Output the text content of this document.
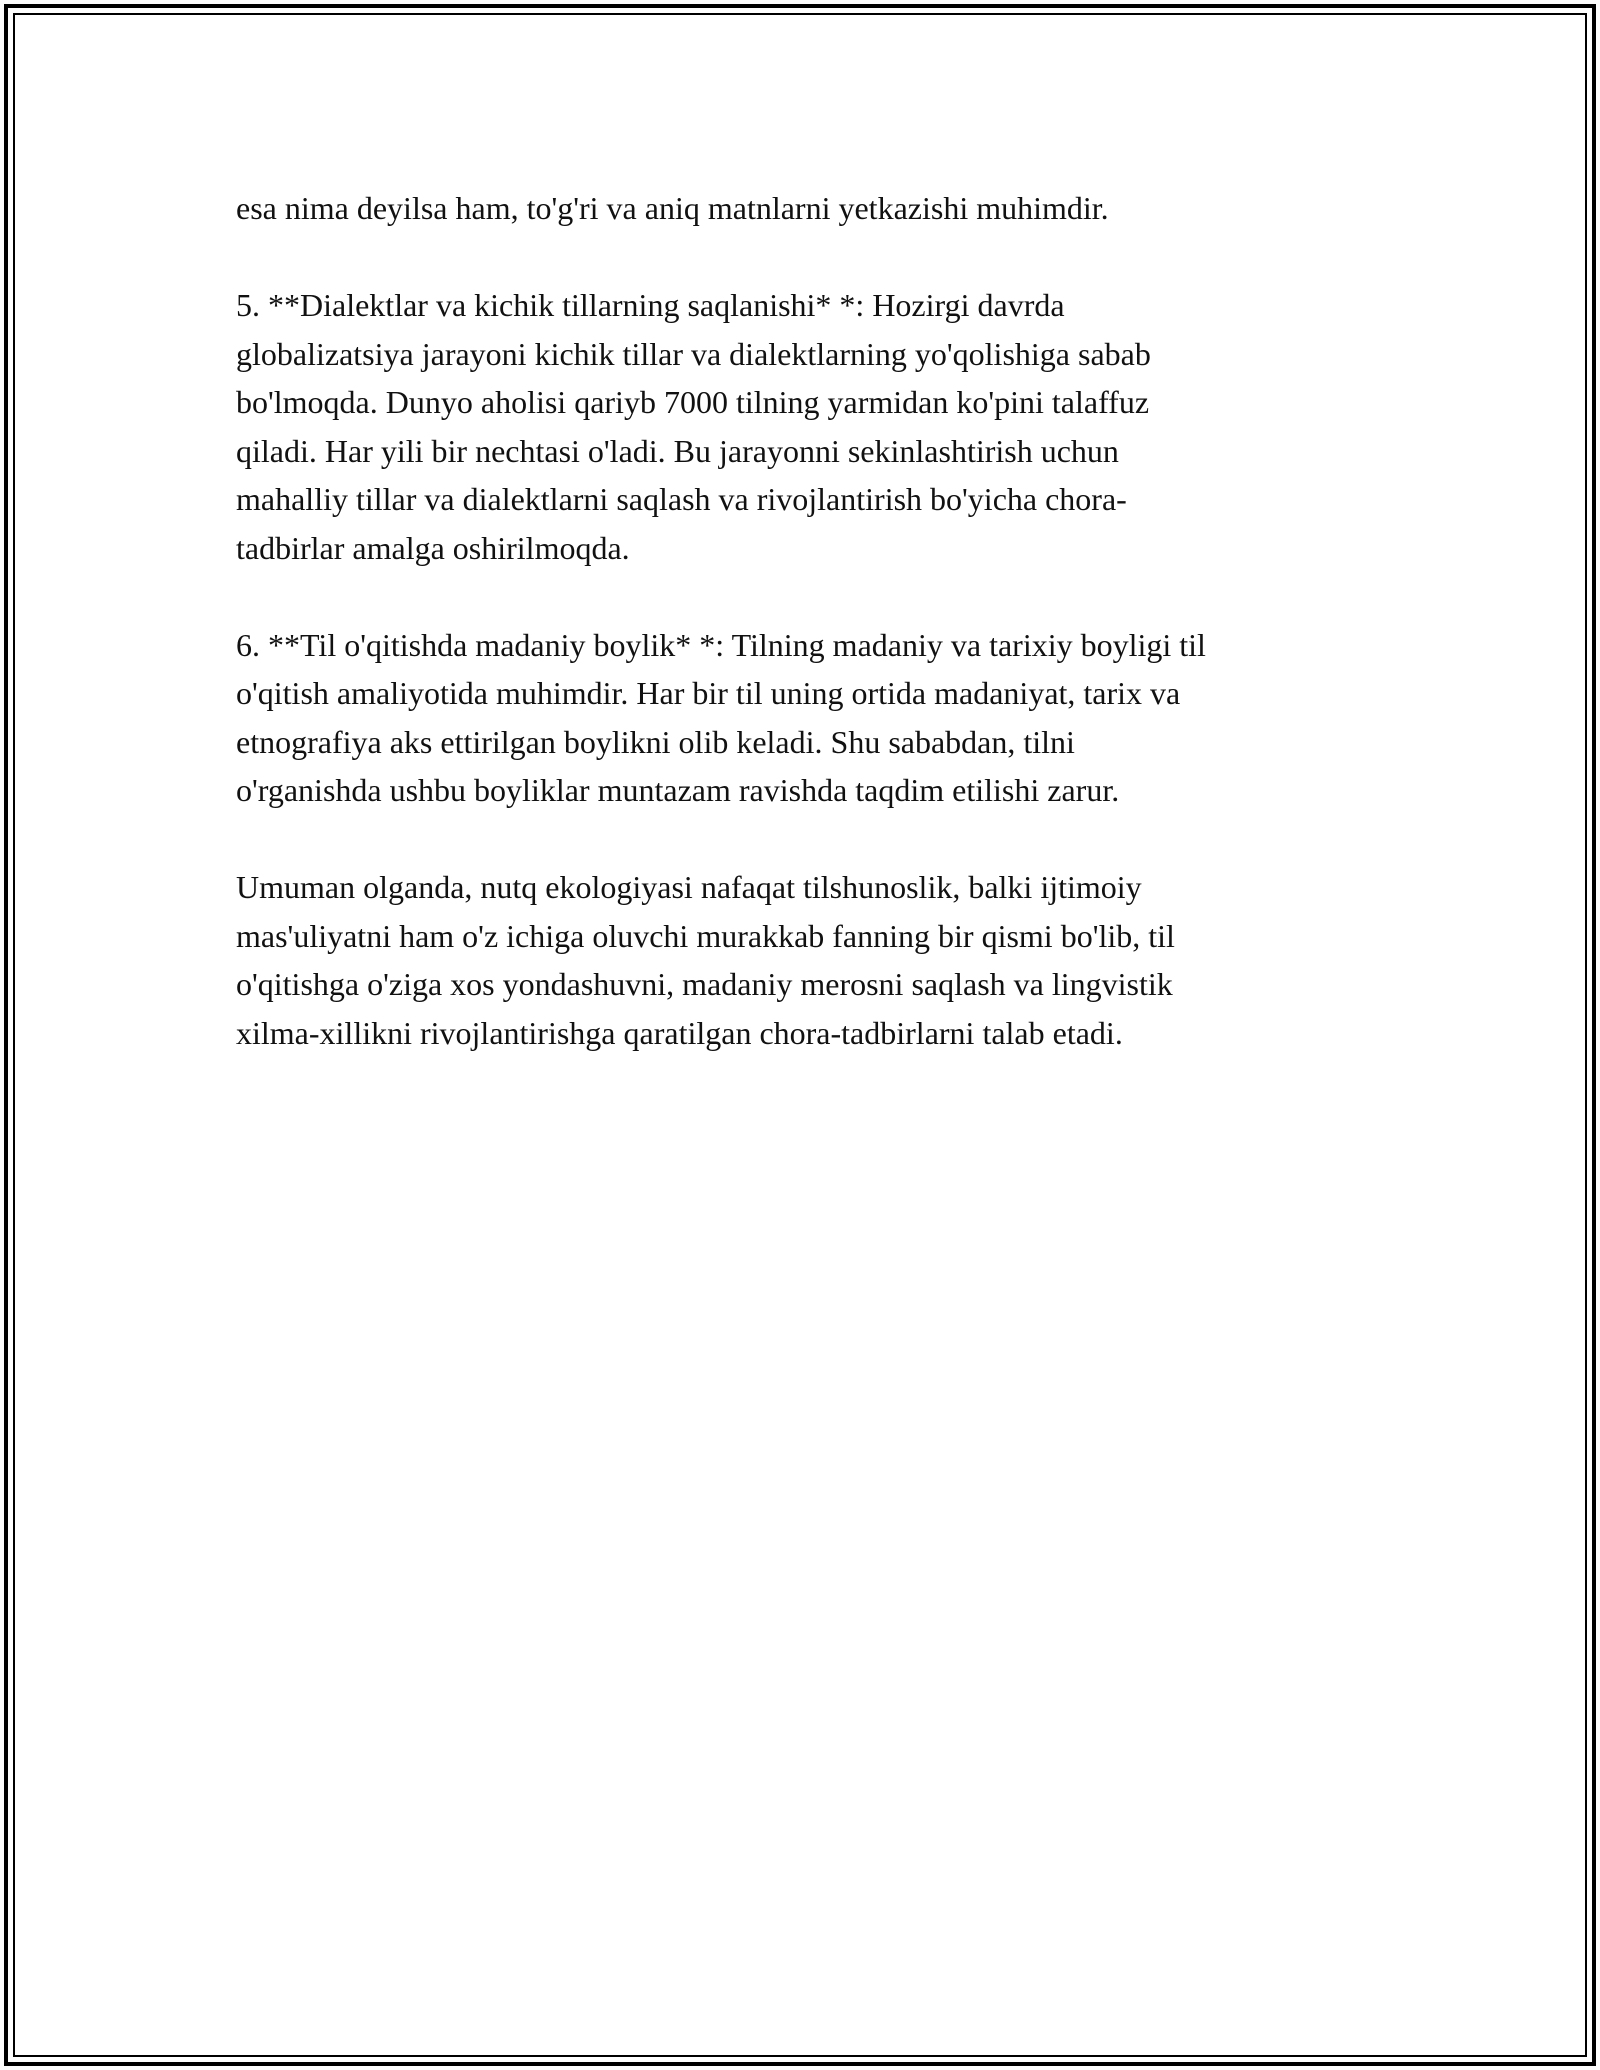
esa nima deyilsa ham, to'g'ri va aniq matnlarni yetkazishi muhimdir.

5. **Dialektlar va kichik tillarning saqlanishi* *: Hozirgi davrda
globalizatsiya jarayoni kichik tillar va dialektlarning yo'qolishiga sabab
bo'lmoqda. Dunyo aholisi qariyb 7000 tilning yarmidan ko'pini talaffuz
qiladi. Har yili bir nechtasi o'ladi. Bu jarayonni sekinlashtirish uchun
mahalliy tillar va dialektlarni saqlash va rivojlantirish bo'yicha chora-
tadbirlar amalga oshirilmoqda.

6. **Til o'qitishda madaniy boylik* *: Tilning madaniy va tarixiy boyligi til
o'qitish amaliyotida muhimdir. Har bir til uning ortida madaniyat, tarix va
etnografiya aks ettirilgan boylikni olib keladi. Shu sababdan, tilni
o'rganishda ushbu boyliklar muntazam ravishda taqdim etilishi zarur.

Umuman olganda, nutq ekologiyasi nafaqat tilshunoslik, balki ijtimoiy
mas'uliyatni ham o'z ichiga oluvchi murakkab fanning bir qismi bo'lib, til
o'qitishga o'ziga xos yondashuvni, madaniy merosni saqlash va lingvistik
xilma-xillikni rivojlantirishga qaratilgan chora-tadbirlarni talab etadi.
